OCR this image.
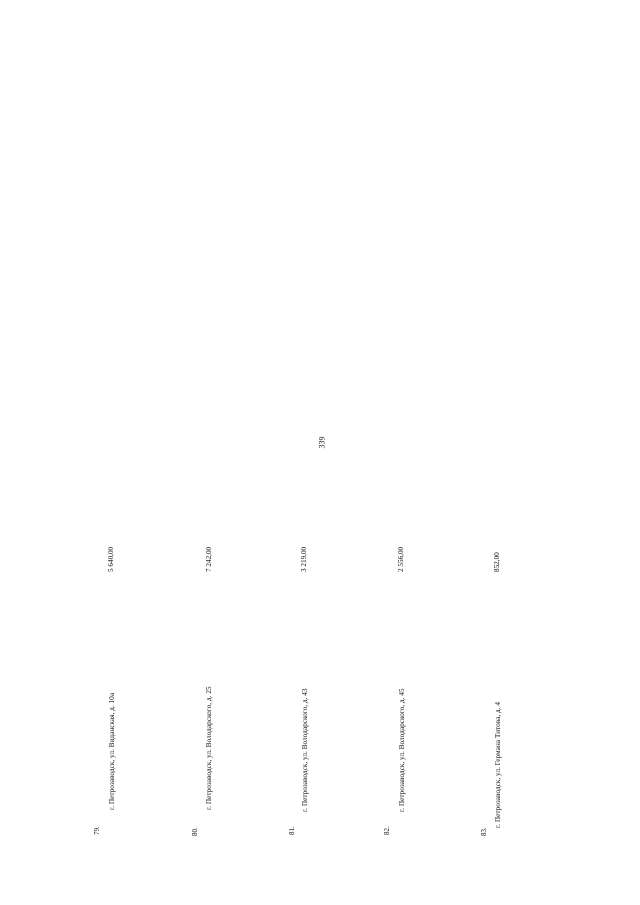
339
79.
г. Петрозаводск, ул. Виданская, д. 10а
5 640,00
80.
г. Петрозаводск, ул. Володарского, д. 25
7 242,00
81.
г. Петрозаводск, ул. Володарского, д. 43
3 219,00
82.
г. Петрозаводск, ул. Володарского, д. 45
2 556,00
83.
г. Петрозаводск, ул. Германа Титова, д. 4
852,00
